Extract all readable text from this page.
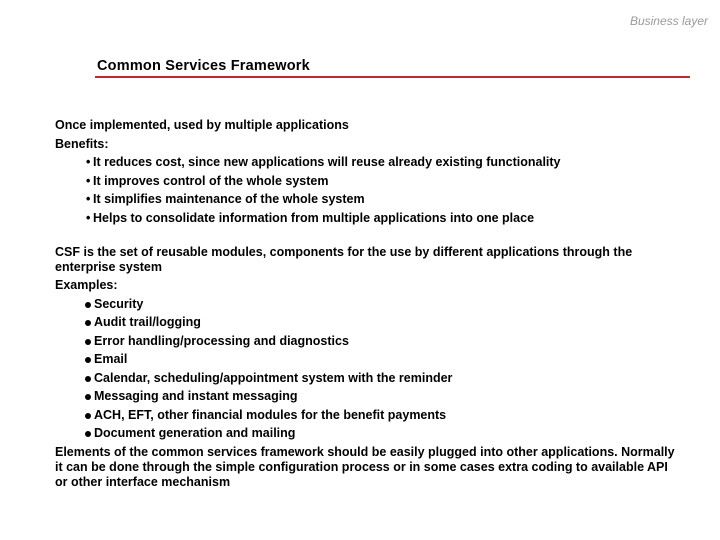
Business layer
Common Services Framework

Once implemented, used by multiple applications

Benefits:

• It reduces cost, since new applications will reuse already existing functionality
• It improves control of the whole system
• It simplifies maintenance of the whole system
• Helps to consolidate information from multiple applications into one place

CSF is the set of reusable modules, components for the use by different applications through the enterprise system

Examples:

Security
Audit trail/logging
Error handling/processing and diagnostics
Email
Calendar, scheduling/appointment system with the reminder
Messaging and instant messaging
ACH, EFT, other financial modules for the benefit payments
Document generation and mailing

Elements of the common services framework should be easily plugged into other applications. Normally it can be done through the simple configuration process or in some cases extra coding to available API or other interface mechanism
